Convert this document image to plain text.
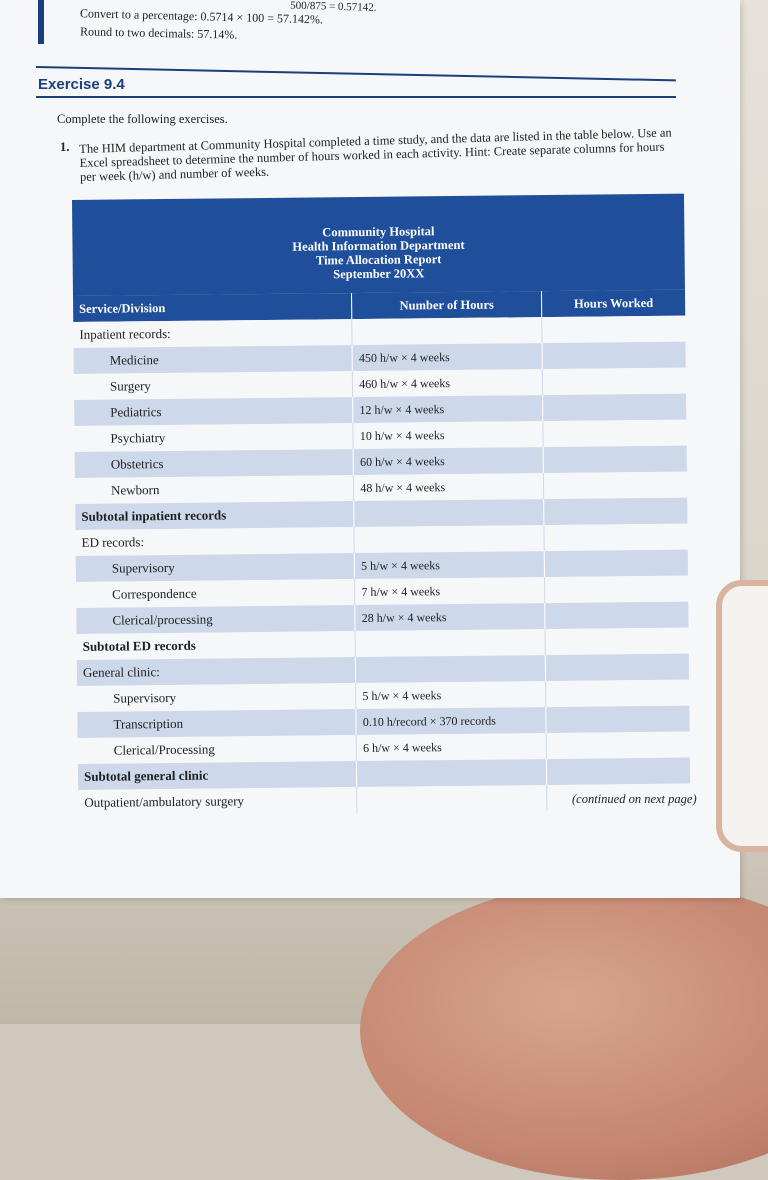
500/875 = 0.57142.
Convert to a percentage: 0.5714 × 100 = 57.142%.
Round to two decimals: 57.14%.
Exercise 9.4
Complete the following exercises.
1. The HIM department at Community Hospital completed a time study, and the data are listed in the table below. Use an Excel spreadsheet to determine the number of hours worked in each activity. Hint: Create separate columns for hours per week (h/w) and number of weeks.
Community Hospital
Health Information Department
Time Allocation Report
September 20XX		

Service/Division	Number of Hours	Hours Worked
Inpatient records:		
Medicine	450 h/w × 4 weeks	
Surgery	460 h/w × 4 weeks	
Pediatrics	12 h/w × 4 weeks	
Psychiatry	10 h/w × 4 weeks	
Obstetrics	60 h/w × 4 weeks	
Newborn	48 h/w × 4 weeks	
Subtotal inpatient records		
ED records:		
Supervisory	5 h/w × 4 weeks	
Correspondence	7 h/w × 4 weeks	
Clerical/processing	28 h/w × 4 weeks	
Subtotal ED records		
General clinic:		
Supervisory	5 h/w × 4 weeks	
Transcription	0.10 h/record × 370 records	
Clerical/Processing	6 h/w × 4 weeks	
Subtotal general clinic		
Outpatient/ambulatory surgery			(continued on next page)
